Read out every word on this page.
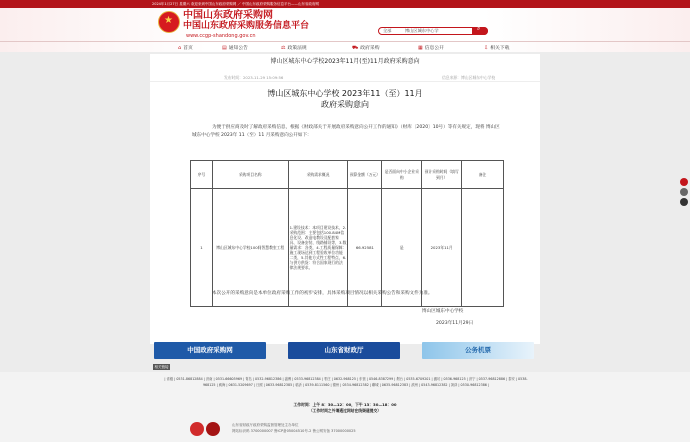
2024年1月27日 星期六 欢迎来到中国山东政府采购网 ／ 中国山东政府采购服务信息平台——山东省政府网
★
中国山东政府采购网
中国山东政府采购服务信息平台
www.ccgp-shandong.gov.cn
全部	博山区城东中心学
⌕
⌂ 首页	▤ 通知公告	⚖ 政策法规	⛟ 政府采购	▦ 信息公开	⇩ 相关下载
博山区城东中心学校2023年11月(至)11月政府采购意向
发布时间：2023-11-29 15:09:56	信息来源：博山区城东中心学校
博山区城东中心学校 2023年11（至）11月
政府采购意向
为便于供应商及时了解政府采购信息，根据《财政部关于开展政府采购意向公开工作的通知》（财库〔2020〕10号）等有关规定，现将 博山区城东中心学校 2023年 11（至）11 月采购意向公开如下：
序号	采购项目名称	采购需求概况	预算金额（万元）	是否面向中小企业采购	预计采购时间（填写到月）	备注
1	博山区城东中心学校100间智慧教室工程	1.建设技术：本项目建设技术，2.采购范围：主要包括100.84M信息化设、改造电教设及配套家具、设备安装、线路铺设等，3.数量需求：各类，4.工程质量保障：施工现场达到工程验收单位功能二类，5.其他方式性工程特点，6.与供方供货：符合国家现行的法律法规要求。	66.92581	是	2023年11月	
本次公开的采购意向是本单位政府采购工作的初步安排，具体采购项目情况以相关采购公告和采购文件为准。
博山区城东中心学校
2023年11月29日
中国政府采购网	山东省财政厅	公务机票
相关链接
| 省级 | 0531-86812884 | 济南 | 0531-66605969 | 青岛 | 0532-96812386 | 淄博 | 0533-96812384 | 枣庄 | 0632-968125 | 东营 | 0546-8387299 | 烟台 | 0535-6709201 | 潍坊 | 0536-968125 | 济宁 | 0537-96812886 | 泰安 | 0538-968125 | 威海 | 0631-5209697 | 日照 | 0633-96812385 | 临沂 | 0539-8111560 | 德州 | 0534-96812382 | 聊城 | 0635-96812383 | 滨州 | 0543-96812382 | 菏泽 | 0530-96812386 |
工作时间：上午 8：30—12：00，下午 13：30—18：00
（工作时间之外请通过网站在线渠道提交）
山东省财政厅政府采购监督管理处主办单位
网站标识码 3700000007 鲁ICP备05004510号-2 鲁公网安备 37000000025
